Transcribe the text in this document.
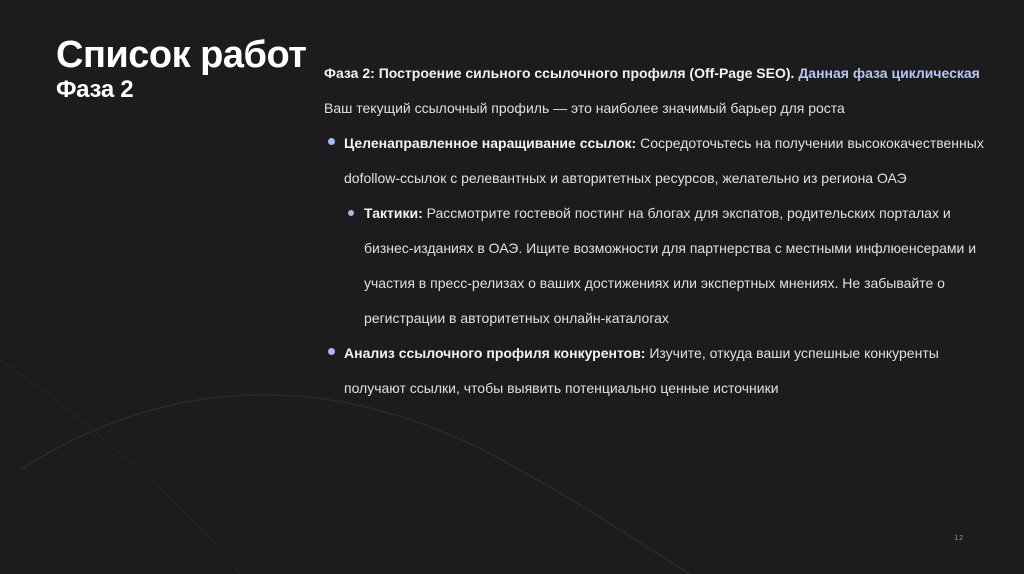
Список работ
Фаза 2

Фаза 2: Построение сильного ссылочного профиля (Off-Page SEO). Данная фаза циклическая

Ваш текущий ссылочный профиль — это наиболее значимый барьер для роста

Целенаправленное наращивание ссылок: Сосредоточьтесь на получении высококачественных dofollow-ссылок с релевантных и авторитетных ресурсов, желательно из региона ОАЭ
Тактики: Рассмотрите гостевой постинг на блогах для экспатов, родительских порталах и бизнес-изданиях в ОАЭ. Ищите возможности для партнерства с местными инфлюенсерами и участия в пресс-релизах о ваших достижениях или экспертных мнениях. Не забывайте о регистрации в авторитетных онлайн-каталогах
Анализ ссылочного профиля конкурентов: Изучите, откуда ваши успешные конкуренты получают ссылки, чтобы выявить потенциально ценные источники
12
